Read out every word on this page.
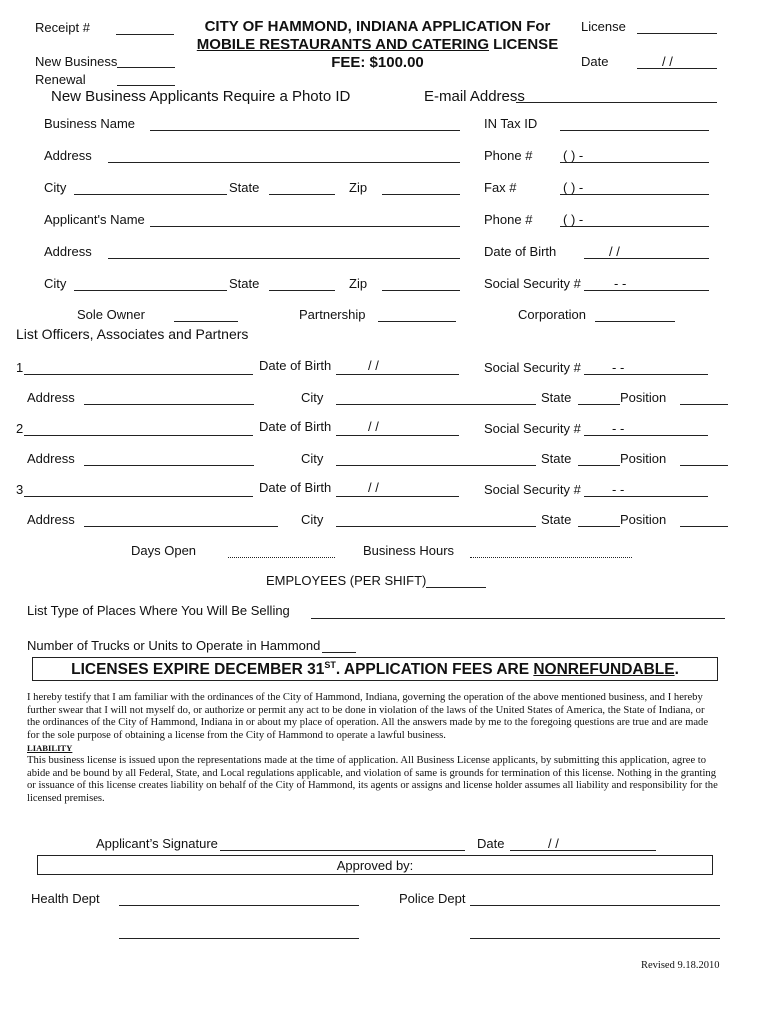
Receipt #
New Business
Renewal
CITY OF HAMMOND, INDIANA APPLICATION For
MOBILE RESTAURANTS AND CATERING LICENSE
FEE: $100.00
License
Date	/ /
New Business Applicants Require a Photo ID	E-mail Address
Business Name	IN Tax ID
Address	Phone # ( ) -
City	State	Zip	Fax #	( ) -
Applicant's Name	Phone # ( ) -
Address	Date of Birth	/ /
City	State	Zip	Social Security #	- -
Sole Owner	Partnership	Corporation
List Officers, Associates and Partners
1	Date of Birth	/ /	Social Security # - -
Address	City	State	Position
2	Date of Birth	/ /	Social Security # - -
Address	City	State	Position
3	Date of Birth	/ /	Social Security # - -
Address	City	State	Position
Days Open	Business Hours
EMPLOYEES (PER SHIFT)
List Type of Places Where You Will Be Selling
Number of Trucks or Units to Operate in Hammond
LICENSES EXPIRE DECEMBER 31ST. APPLICATION FEES ARE NONREFUNDABLE.

I hereby testify that I am familiar with the ordinances of the City of Hammond, Indiana, governing the operation of the above mentioned business, and I hereby further swear that I will not myself do, or authorize or permit any act to be done in violation of the laws of the United States of America, the State of Indiana, or the ordinances of the City of Hammond, Indiana in or about my place of operation. All the answers made by me to the foregoing questions are true and are made for the sole purpose of obtaining a license from the City of Hammond to operate a lawful business.

LIABILITY

This business license is issued upon the representations made at the time of application. All Business License applicants, by submitting this application, agree to abide and be bound by all Federal, State, and Local regulations applicable, and violation of same is grounds for termination of this license. Nothing in the granting or issuance of this license creates liability on behalf of the City of Hammond, its agents or assigns and license holder assumes all liability and responsibility for the licensed premises.

Applicant’s Signature	Date	/ /
Approved by:
Health Dept	Police Dept
Revised 9.18.2010
